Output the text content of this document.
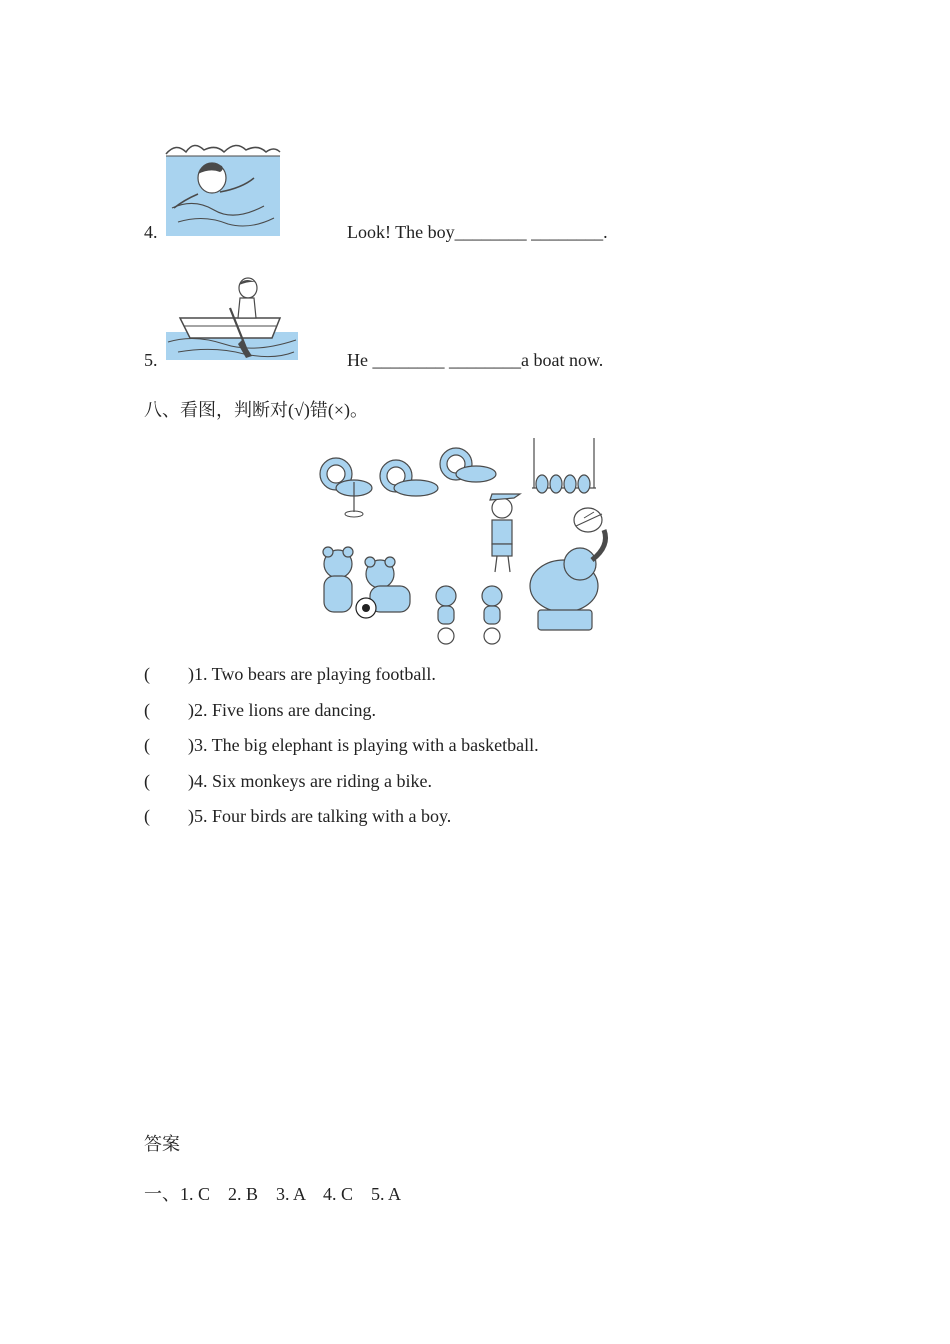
4.	Look! The boy________ ________.
5.	He ________ ________a boat now.
八、看图，判断对(√)错(×)。
( )1. Two bears are playing football.
( )2. Five lions are dancing.
( )3. The big elephant is playing with a basketball.
( )4. Six monkeys are riding a bike.
( )5. Four birds are talking with a boy.
答案
一、1. C　2. B　3. A　4. C　5. A
